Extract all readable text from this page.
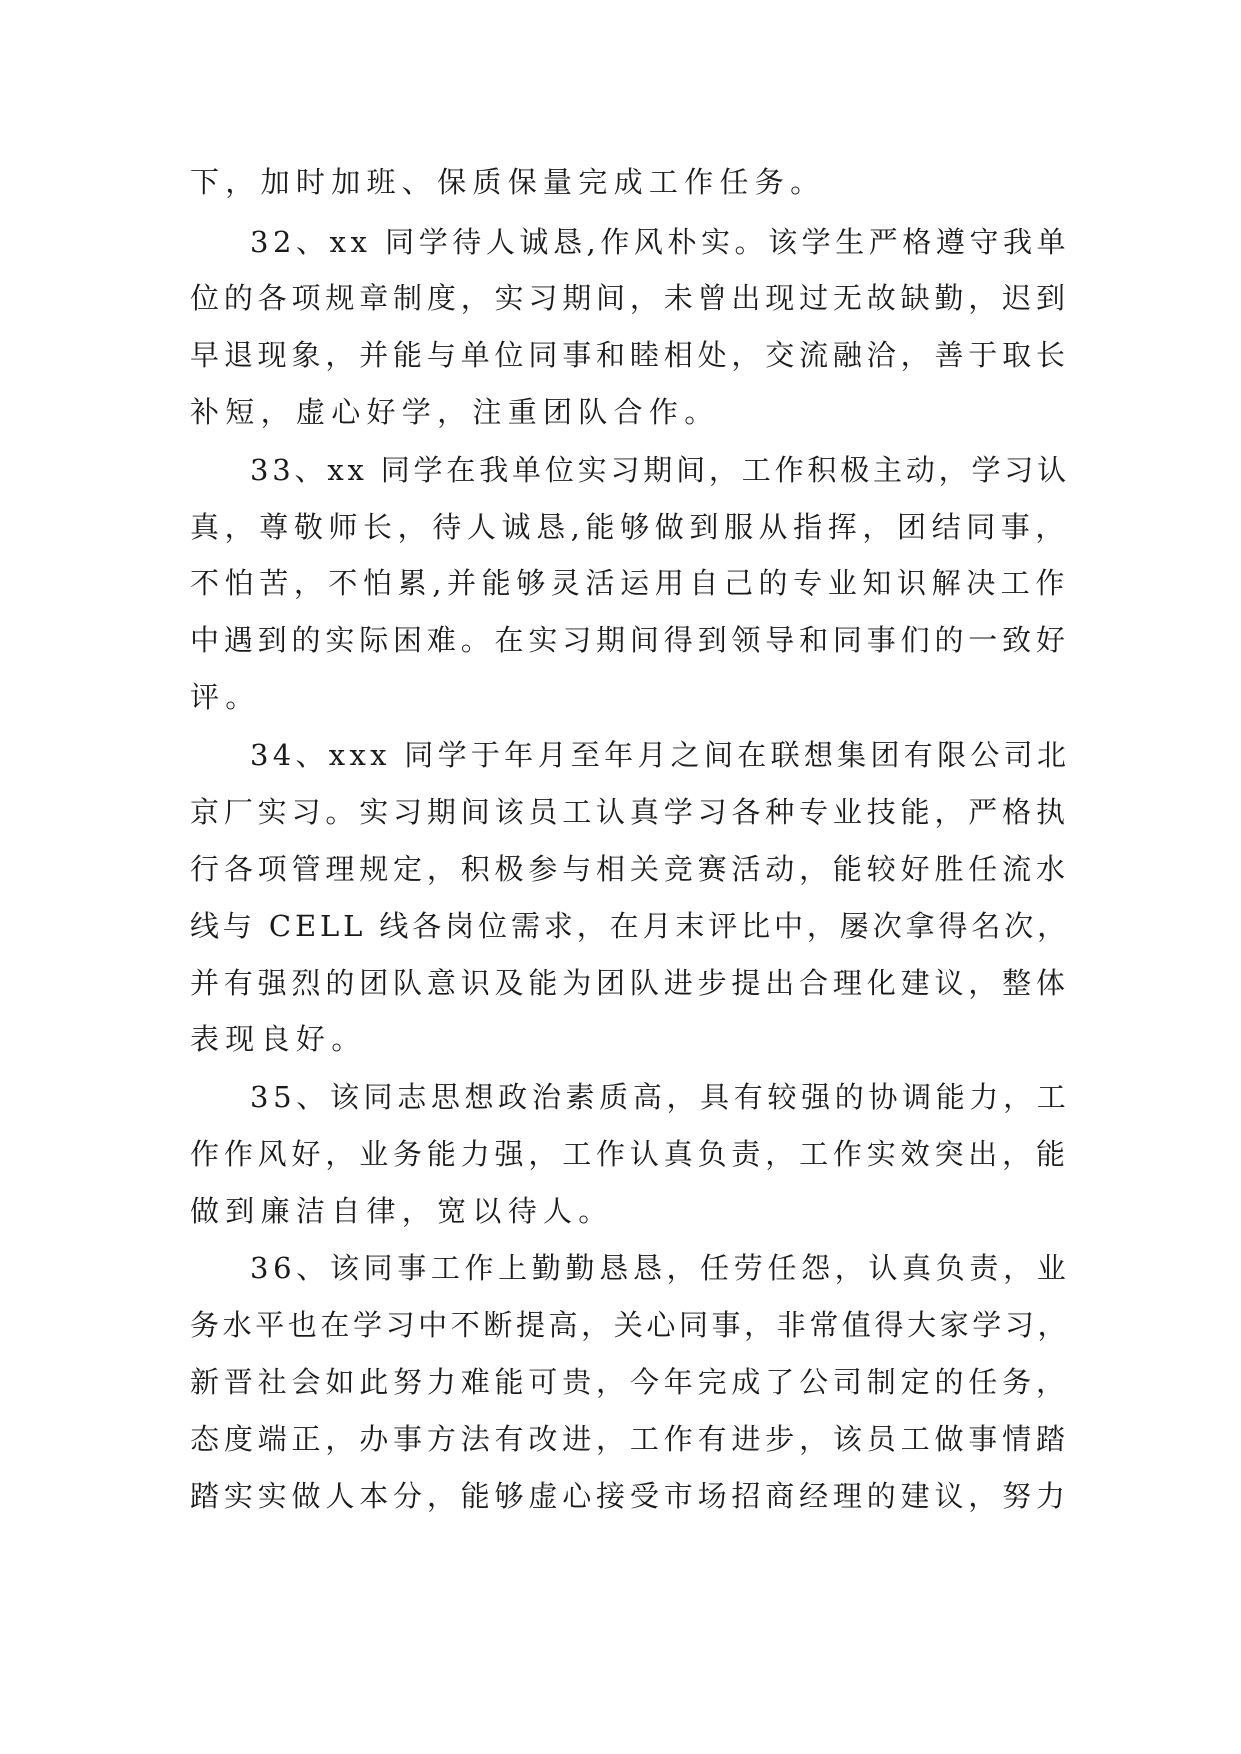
下，加时加班、保质保量完成工作任务。
32、xx 同学待人诚恳,作风朴实。该学生严格遵守我单
位的各项规章制度，实习期间，未曾出现过无故缺勤，迟到
早退现象，并能与单位同事和睦相处，交流融洽，善于取长
补短，虚心好学，注重团队合作。
33、xx 同学在我单位实习期间，工作积极主动，学习认
真，尊敬师长，待人诚恳,能够做到服从指挥，团结同事，
不怕苦，不怕累,并能够灵活运用自己的专业知识解决工作
中遇到的实际困难。在实习期间得到领导和同事们的一致好
评。
34、xxx 同学于年月至年月之间在联想集团有限公司北
京厂实习。实习期间该员工认真学习各种专业技能，严格执
行各项管理规定，积极参与相关竞赛活动，能较好胜任流水
线与 CELL 线各岗位需求，在月末评比中，屡次拿得名次，
并有强烈的团队意识及能为团队进步提出合理化建议，整体
表现良好。
35、该同志思想政治素质高，具有较强的协调能力，工
作作风好，业务能力强，工作认真负责，工作实效突出，能
做到廉洁自律，宽以待人。
36、该同事工作上勤勤恳恳，任劳任怨，认真负责，业
务水平也在学习中不断提高，关心同事，非常值得大家学习，
新晋社会如此努力难能可贵，今年完成了公司制定的任务，
态度端正，办事方法有改进，工作有进步，该员工做事情踏
踏实实做人本分，能够虚心接受市场招商经理的建议，努力
